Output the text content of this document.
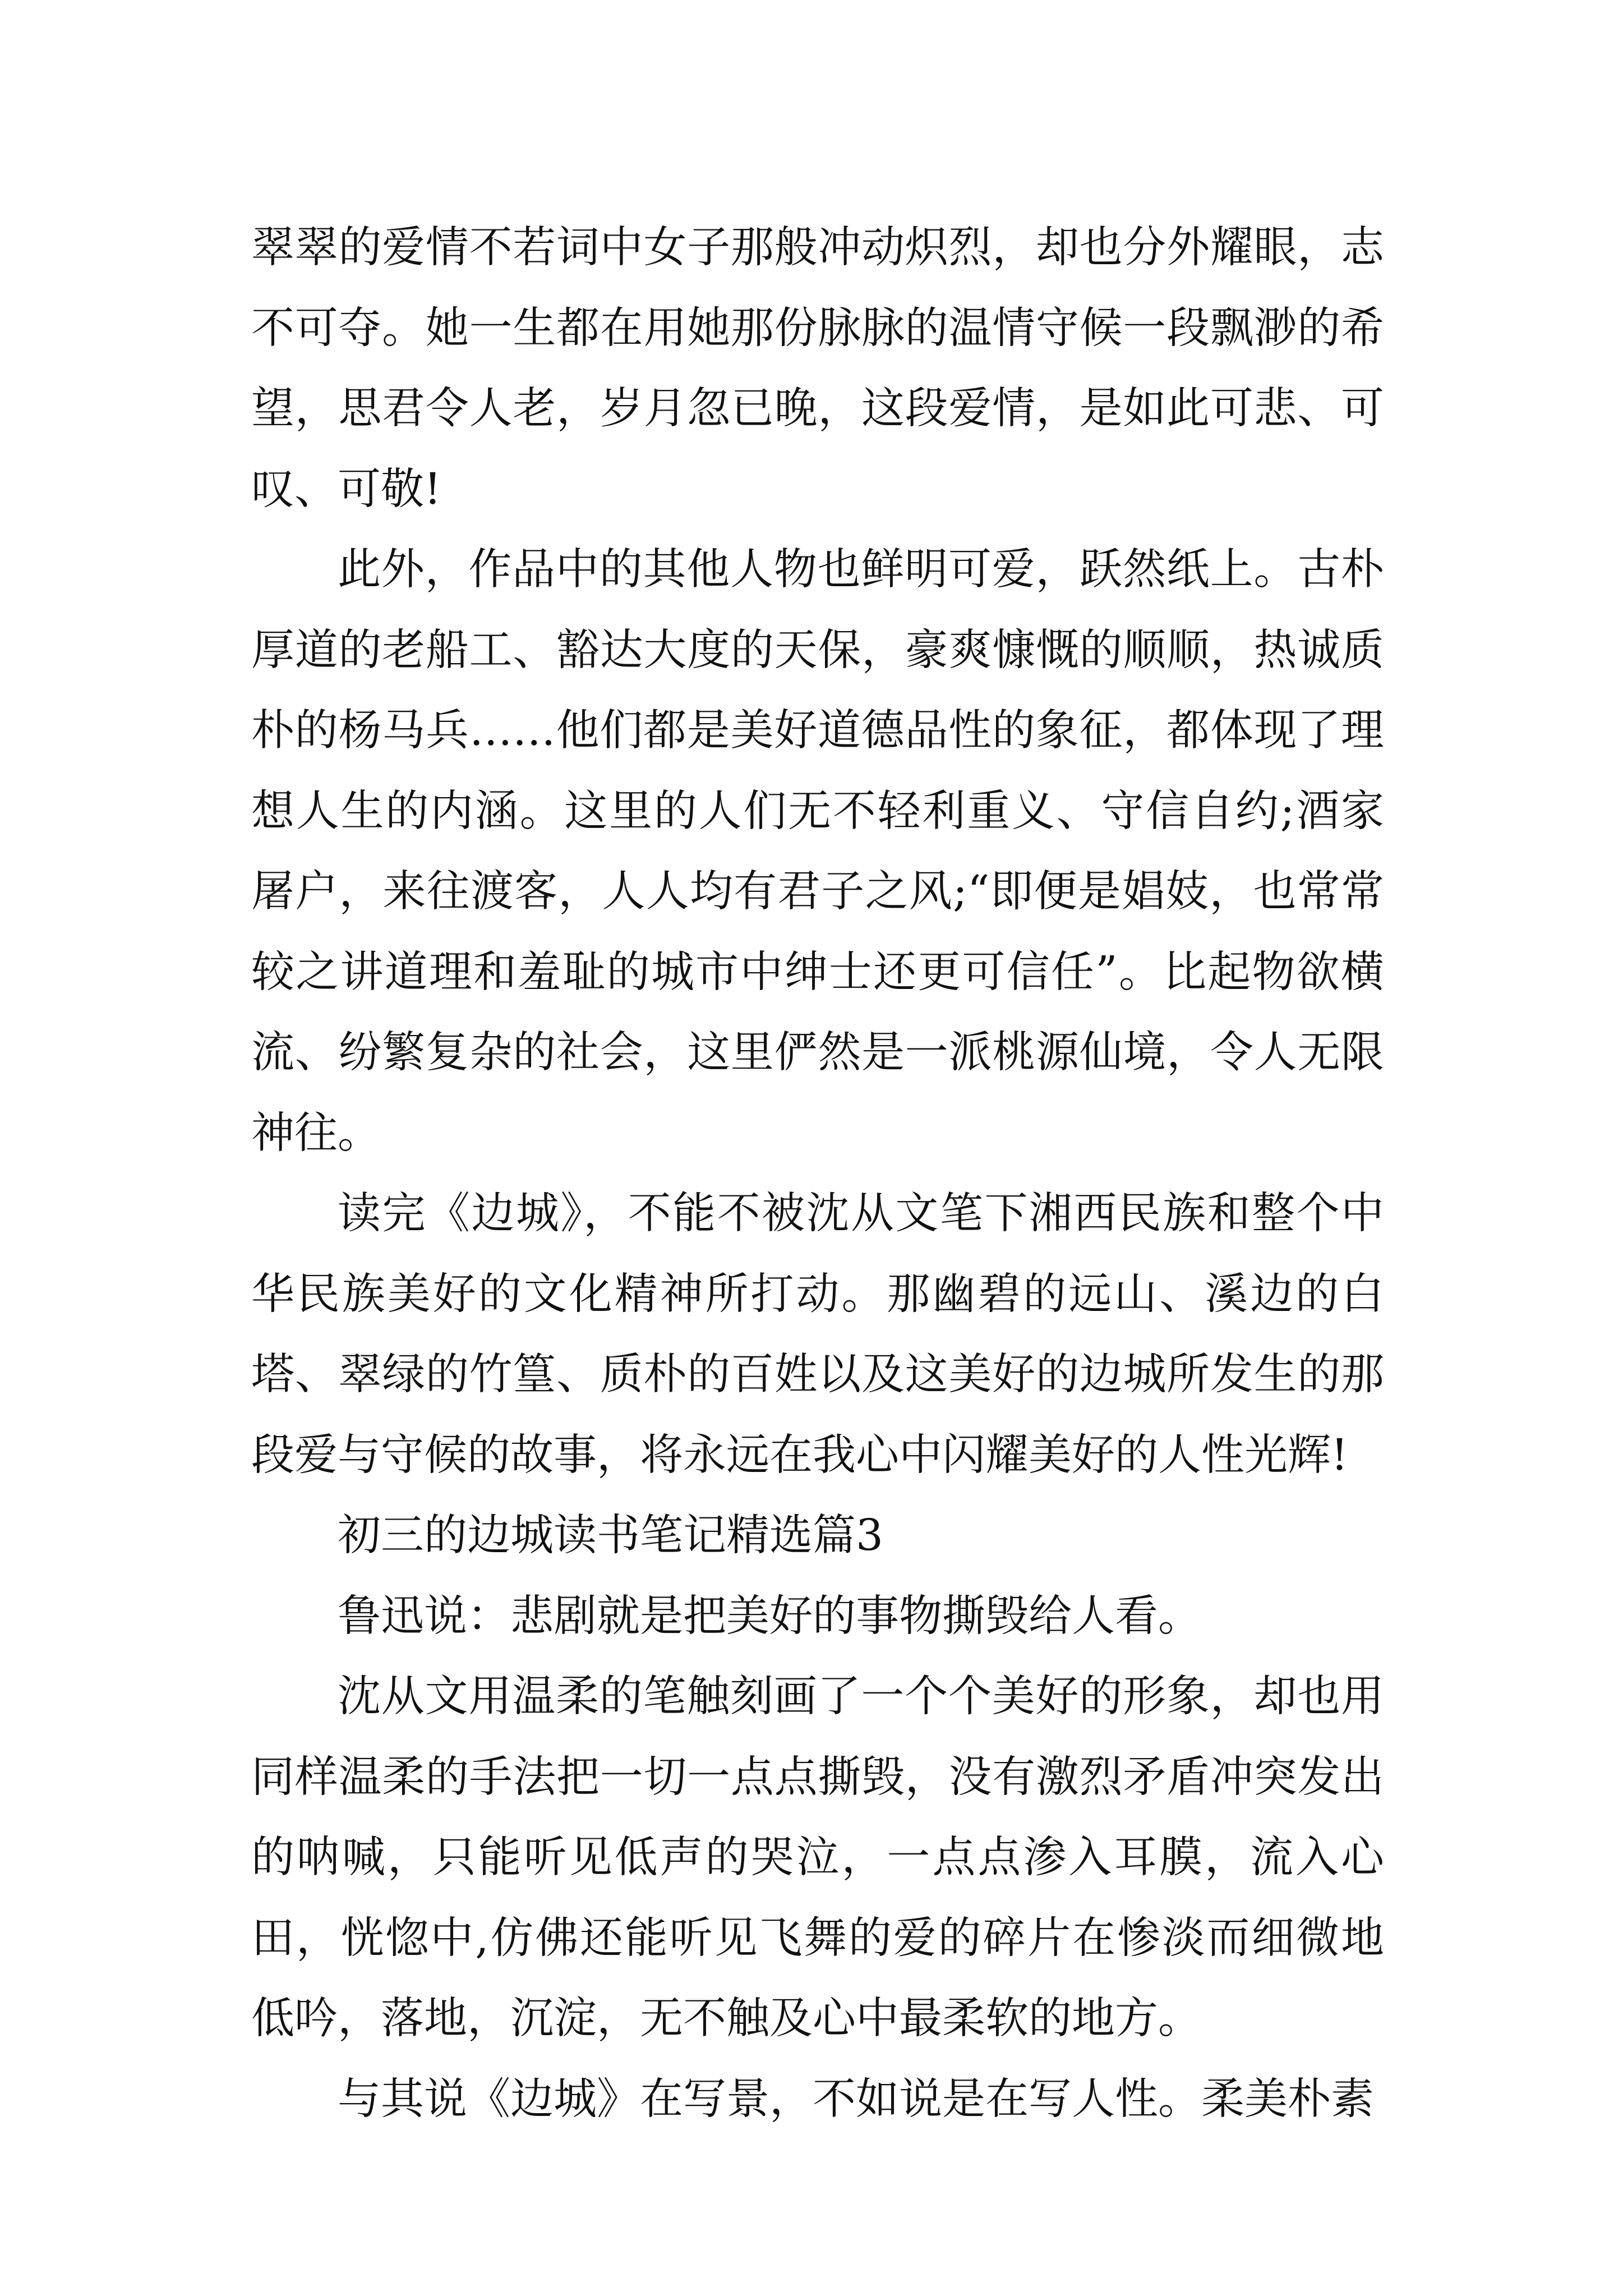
翠翠的爱情不若词中女子那般冲动炽烈，却也分外耀眼，志不可夺。她一生都在用她那份脉脉的温情守候一段飘渺的希望，思君令人老，岁月忽已晚，这段爱情，是如此可悲、可叹、可敬!

此外，作品中的其他人物也鲜明可爱，跃然纸上。古朴厚道的老船工、豁达大度的天保，豪爽慷慨的顺顺，热诚质朴的杨马兵……他们都是美好道德品性的象征，都体现了理想人生的内涵。这里的人们无不轻利重义、守信自约;酒家屠户，来往渡客，人人均有君子之风;“即便是娼妓，也常常较之讲道理和羞耻的城市中绅士还更可信任”。比起物欲横流、纷繁复杂的社会，这里俨然是一派桃源仙境，令人无限神往。

读完《边城》，不能不被沈从文笔下湘西民族和整个中华民族美好的文化精神所打动。那幽碧的远山、溪边的白塔、翠绿的竹篁、质朴的百姓以及这美好的边城所发生的那段爱与守候的故事，将永远在我心中闪耀美好的人性光辉!

初三的边城读书笔记精选篇3

鲁迅说：悲剧就是把美好的事物撕毁给人看。

沈从文用温柔的笔触刻画了一个个美好的形象，却也用同样温柔的手法把一切一点点撕毁，没有激烈矛盾冲突发出的呐喊，只能听见低声的哭泣，一点点渗入耳膜，流入心田，恍惚中,仿佛还能听见飞舞的爱的碎片在惨淡而细微地低吟，落地，沉淀，无不触及心中最柔软的地方。

与其说《边城》在写景，不如说是在写人性。柔美朴素
